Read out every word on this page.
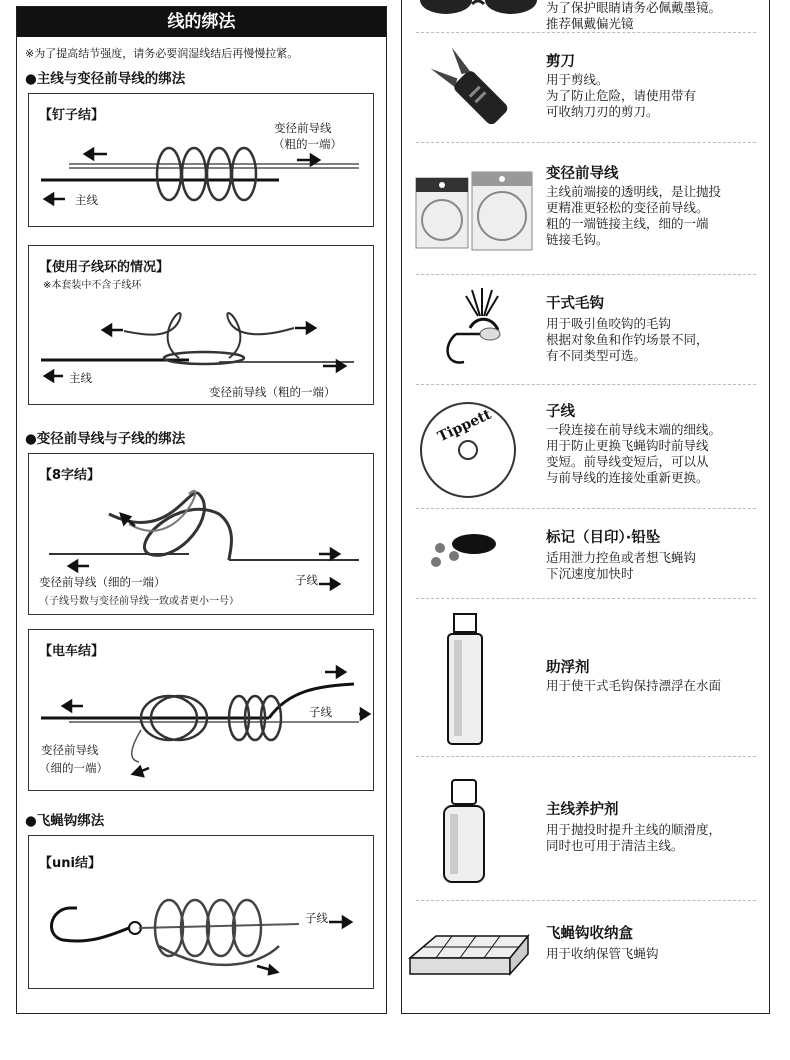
线的绑法
※为了提高结节强度，请务必要润湿线结后再慢慢拉紧。
●主线与变径前导线的绑法
【钉子结】
变径前导线
（粗的一端）
主线
【使用子线环的情况】
※本套装中不含子线环
主线
变径前导线（粗的一端）
●变径前导线与子线的绑法
【8字结】
变径前导线（细的一端）	子线
（子线号数与变径前导线一致或者更小一号）
【电车结】
子线
变径前导线
（细的一端）
●飞蝇钩绑法
【uni结】
子线
为了保护眼睛请务必佩戴墨镜。
推荐佩戴偏光镜
剪刀
用于剪线。
为了防止危险，请使用带有
可收纳刀刃的剪刀。
变径前导线
主线前端接的透明线，是让抛投
更精准更轻松的变径前导线。
粗的一端链接主线，细的一端
链接毛钩。
干式毛钩
用于吸引鱼咬钩的毛钩
根据对象鱼和作钓场景不同，
有不同类型可选。
Tippett	子线
一段连接在前导线末端的细线。
用于防止更换飞蝇钩时前导线
变短。前导线变短后，可以从
与前导线的连接处重新更换。
标记（目印）·铅坠
适用泄力控鱼或者想飞蝇钩
下沉速度加快时
助浮剂
用于使干式毛钩保持漂浮在水面
主线养护剂
用于抛投时提升主线的顺滑度，
同时也可用于清洁主线。
飞蝇钩收纳盒
用于收纳保管飞蝇钩
